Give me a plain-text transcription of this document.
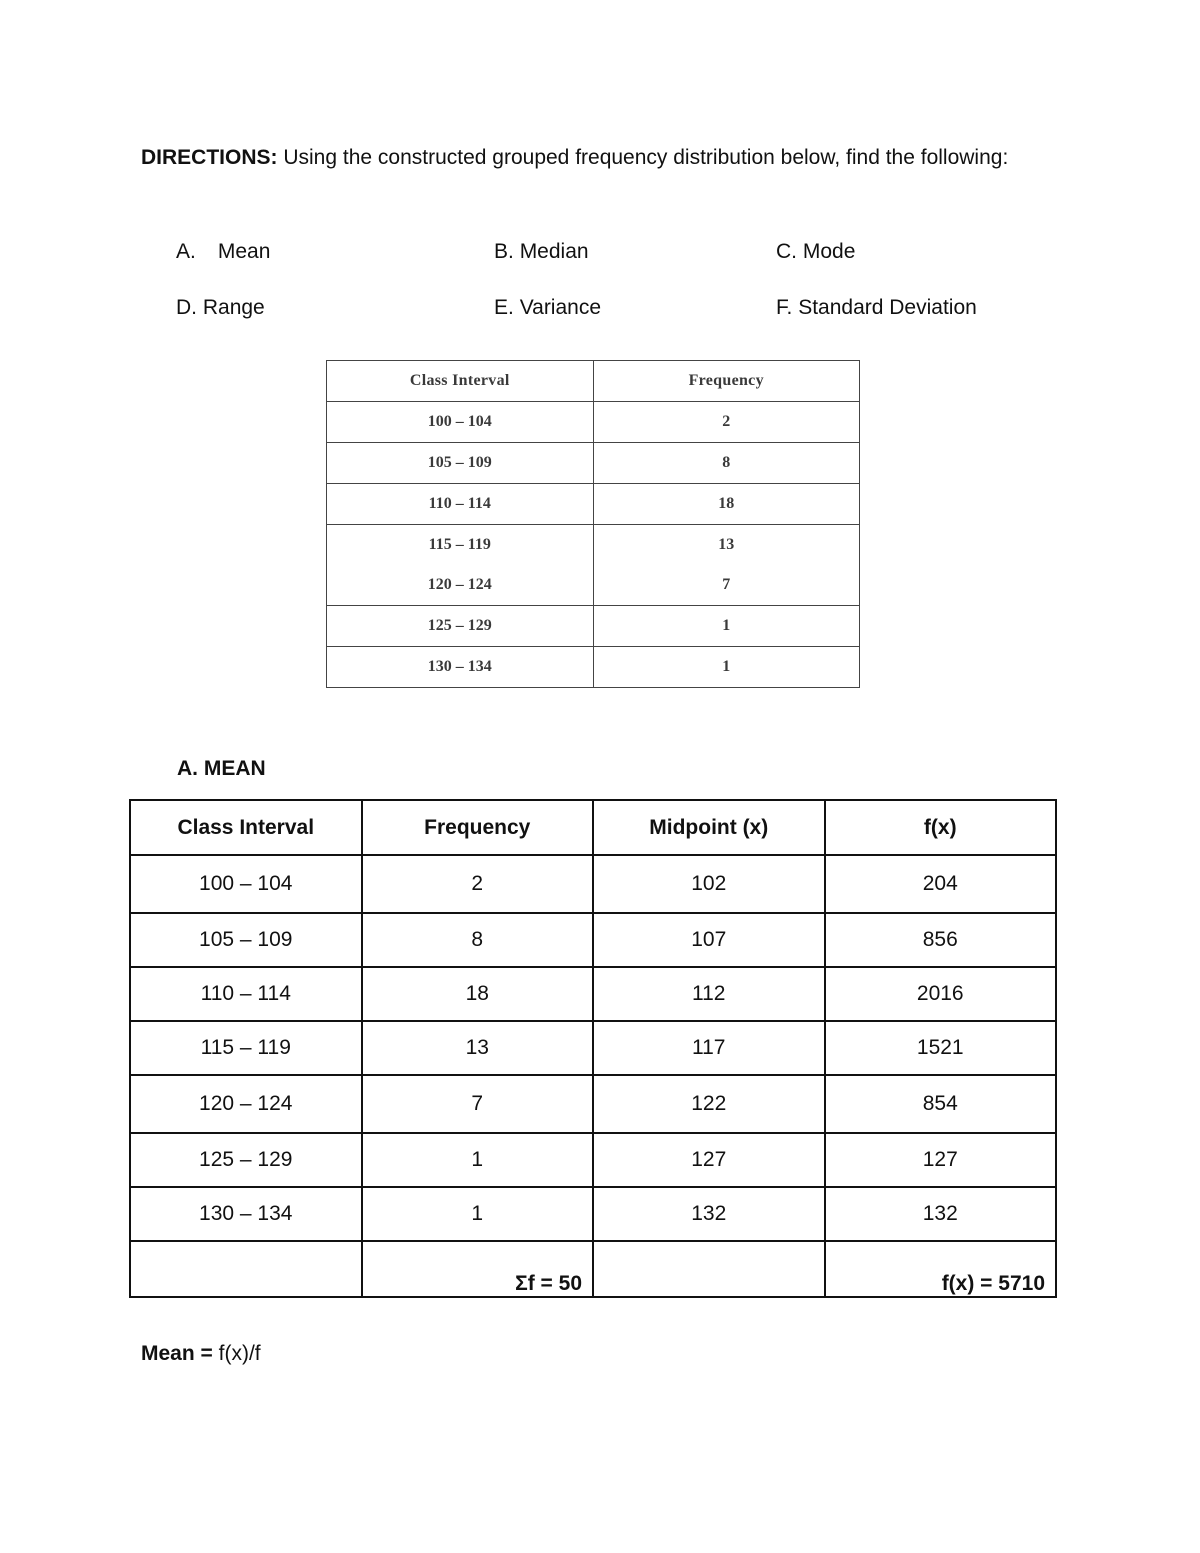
DIRECTIONS: Using the constructed grouped frequency distribution below, find the following:
A. Mean	B. Median	C. Mode
D. Range	E. Variance	F. Standard Deviation
Class Interval	Frequency
100 – 104	2
105 – 109	8
110 – 114	18
115 – 119	13
120 – 124	7
125 – 129	1
130 – 134	1
A. MEAN
Class Interval	Frequency	Midpoint (x)	f(x)
100 – 104	2	102	204
105 – 109	8	107	856
110 – 114	18	112	2016
115 – 119	13	117	1521
120 – 124	7	122	854
125 – 129	1	127	127
130 – 134	1	132	132
	Σf = 50		f(x) = 5710
Mean = f(x)/f
